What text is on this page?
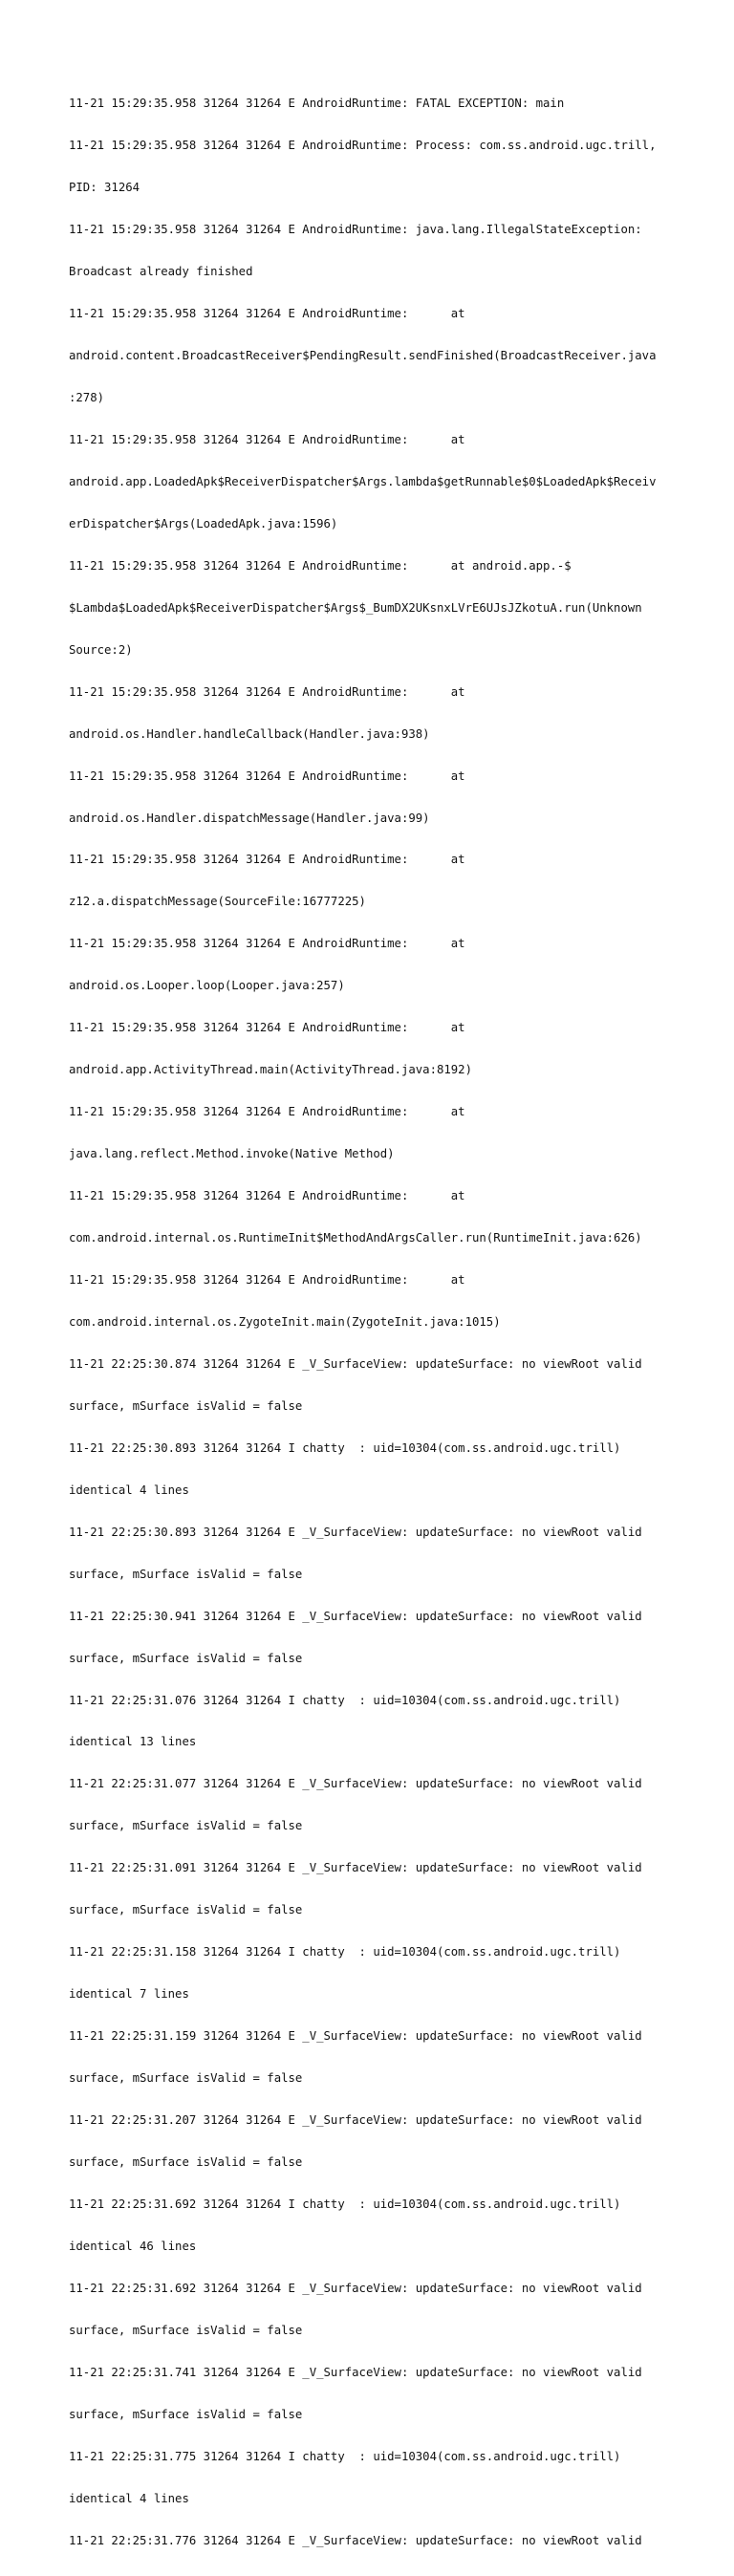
11-21 15:29:35.958 31264 31264 E AndroidRuntime: FATAL EXCEPTION: main

11-21 15:29:35.958 31264 31264 E AndroidRuntime: Process: com.ss.android.ugc.trill,

PID: 31264

11-21 15:29:35.958 31264 31264 E AndroidRuntime: java.lang.IllegalStateException:

Broadcast already finished

11-21 15:29:35.958 31264 31264 E AndroidRuntime:      at

android.content.BroadcastReceiver$PendingResult.sendFinished(BroadcastReceiver.java

:278)

11-21 15:29:35.958 31264 31264 E AndroidRuntime:      at

android.app.LoadedApk$ReceiverDispatcher$Args.lambda$getRunnable$0$LoadedApk$Receiv

erDispatcher$Args(LoadedApk.java:1596)

11-21 15:29:35.958 31264 31264 E AndroidRuntime:      at android.app.-$

$Lambda$LoadedApk$ReceiverDispatcher$Args$_BumDX2UKsnxLVrE6UJsJZkotuA.run(Unknown

Source:2)

11-21 15:29:35.958 31264 31264 E AndroidRuntime:      at

android.os.Handler.handleCallback(Handler.java:938)

11-21 15:29:35.958 31264 31264 E AndroidRuntime:      at

android.os.Handler.dispatchMessage(Handler.java:99)

11-21 15:29:35.958 31264 31264 E AndroidRuntime:      at

z12.a.dispatchMessage(SourceFile:16777225)

11-21 15:29:35.958 31264 31264 E AndroidRuntime:      at

android.os.Looper.loop(Looper.java:257)

11-21 15:29:35.958 31264 31264 E AndroidRuntime:      at

android.app.ActivityThread.main(ActivityThread.java:8192)

11-21 15:29:35.958 31264 31264 E AndroidRuntime:      at

java.lang.reflect.Method.invoke(Native Method)

11-21 15:29:35.958 31264 31264 E AndroidRuntime:      at

com.android.internal.os.RuntimeInit$MethodAndArgsCaller.run(RuntimeInit.java:626)

11-21 15:29:35.958 31264 31264 E AndroidRuntime:      at

com.android.internal.os.ZygoteInit.main(ZygoteInit.java:1015)

11-21 22:25:30.874 31264 31264 E _V_SurfaceView: updateSurface: no viewRoot valid

surface, mSurface isValid = false

11-21 22:25:30.893 31264 31264 I chatty  : uid=10304(com.ss.android.ugc.trill)

identical 4 lines

11-21 22:25:30.893 31264 31264 E _V_SurfaceView: updateSurface: no viewRoot valid

surface, mSurface isValid = false

11-21 22:25:30.941 31264 31264 E _V_SurfaceView: updateSurface: no viewRoot valid

surface, mSurface isValid = false

11-21 22:25:31.076 31264 31264 I chatty  : uid=10304(com.ss.android.ugc.trill)

identical 13 lines

11-21 22:25:31.077 31264 31264 E _V_SurfaceView: updateSurface: no viewRoot valid

surface, mSurface isValid = false

11-21 22:25:31.091 31264 31264 E _V_SurfaceView: updateSurface: no viewRoot valid

surface, mSurface isValid = false

11-21 22:25:31.158 31264 31264 I chatty  : uid=10304(com.ss.android.ugc.trill)

identical 7 lines

11-21 22:25:31.159 31264 31264 E _V_SurfaceView: updateSurface: no viewRoot valid

surface, mSurface isValid = false

11-21 22:25:31.207 31264 31264 E _V_SurfaceView: updateSurface: no viewRoot valid

surface, mSurface isValid = false

11-21 22:25:31.692 31264 31264 I chatty  : uid=10304(com.ss.android.ugc.trill)

identical 46 lines

11-21 22:25:31.692 31264 31264 E _V_SurfaceView: updateSurface: no viewRoot valid

surface, mSurface isValid = false

11-21 22:25:31.741 31264 31264 E _V_SurfaceView: updateSurface: no viewRoot valid

surface, mSurface isValid = false

11-21 22:25:31.775 31264 31264 I chatty  : uid=10304(com.ss.android.ugc.trill)

identical 4 lines

11-21 22:25:31.776 31264 31264 E _V_SurfaceView: updateSurface: no viewRoot valid
